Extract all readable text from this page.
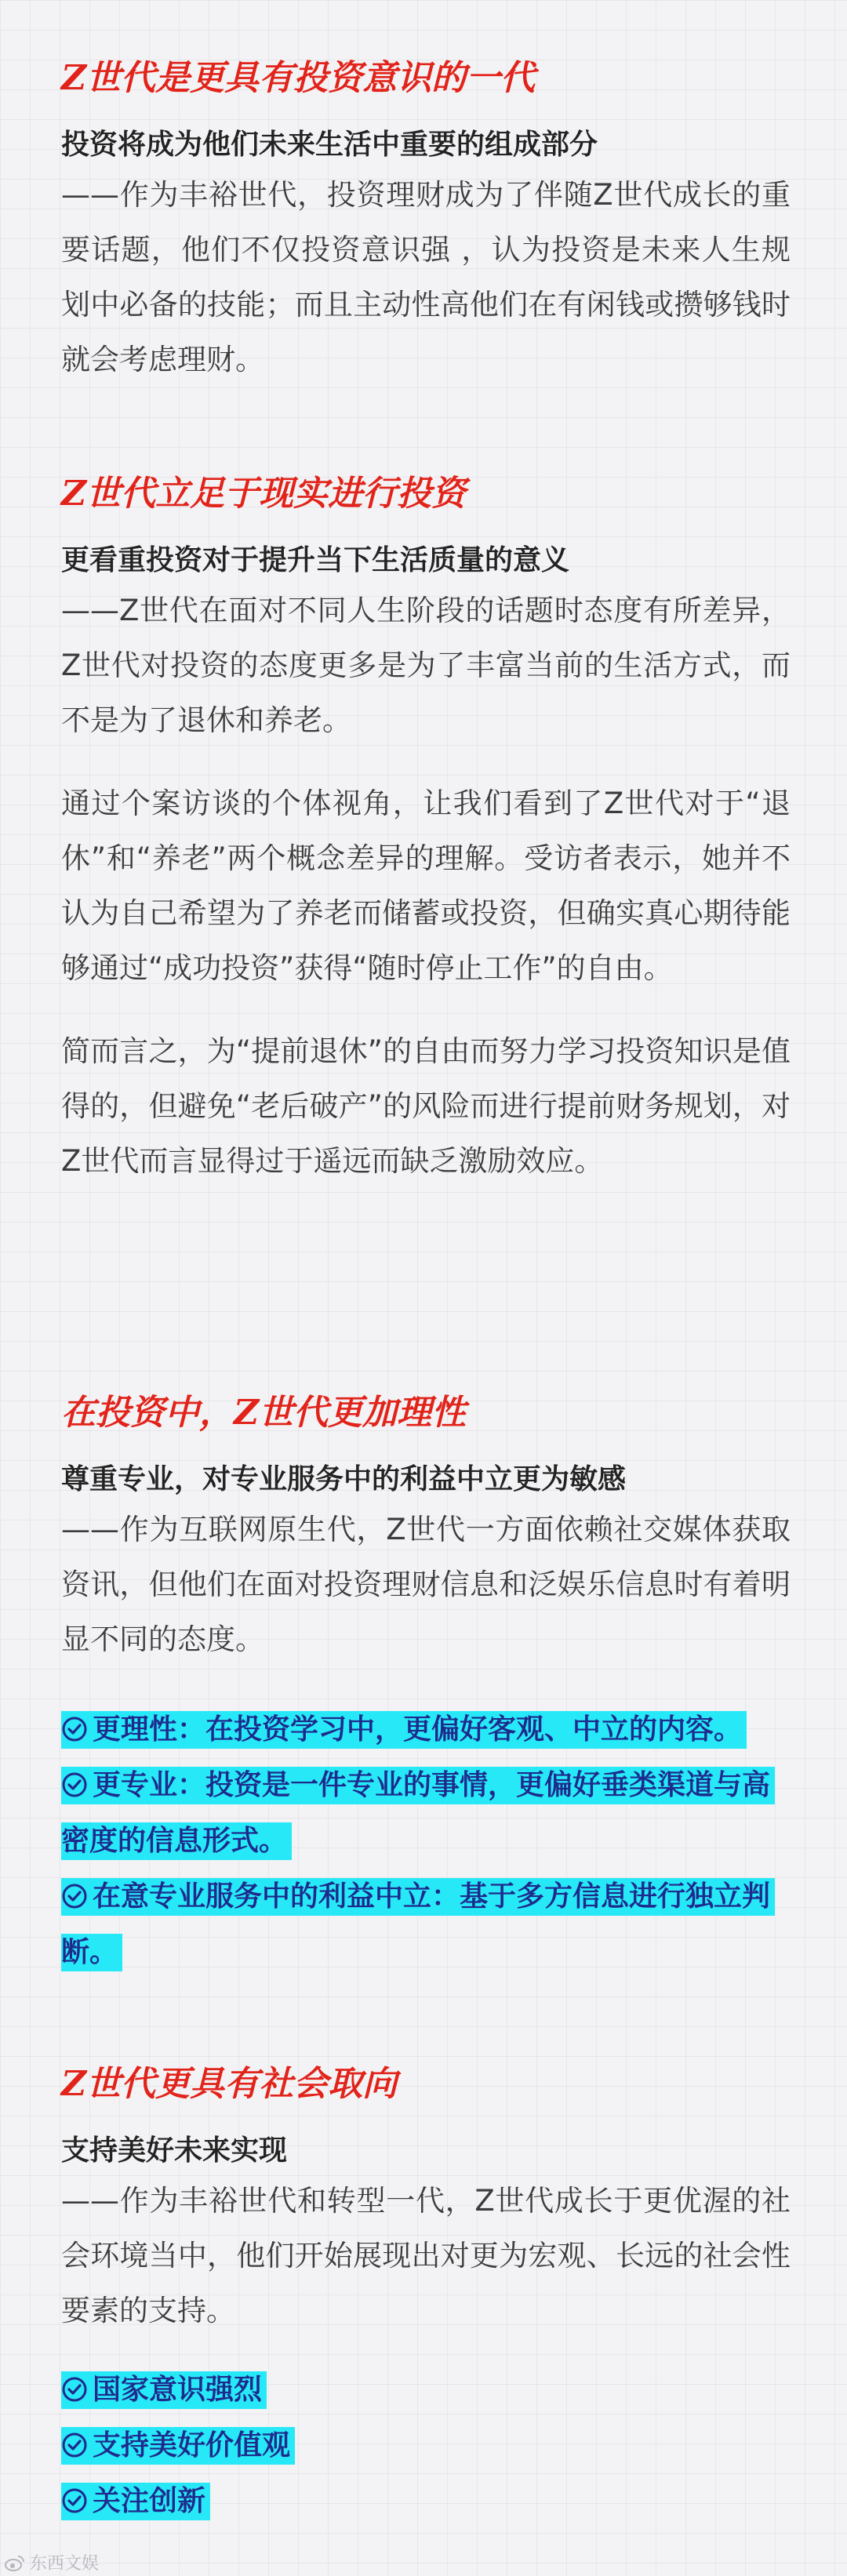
Z世代是更具有投资意识的一代

投资将成为他们未来生活中重要的组成部分

——作为丰裕世代，投资理财成为了伴随Z世代成长的重要话题，他们不仅投资意识强 ，认为投资是未来人生规划中必备的技能；而且主动性高他们在有闲钱或攒够钱时就会考虑理财。

Z世代立足于现实进行投资

更看重投资对于提升当下生活质量的意义

——Z世代在面对不同人生阶段的话题时态度有所差异，Z世代对投资的态度更多是为了丰富当前的生活方式，而不是为了退休和养老。

通过个案访谈的个体视角，让我们看到了Z世代对于“退休”和“养老”两个概念差异的理解。受访者表示，她并不认为自己希望为了养老而储蓄或投资，但确实真心期待能够通过“成功投资”获得“随时停止工作”的自由。

简而言之，为“提前退休”的自由而努力学习投资知识是值得的，但避免“老后破产”的风险而进行提前财务规划，对Z世代而言显得过于遥远而缺乏激励效应。

在投资中，Z世代更加理性

尊重专业，对专业服务中的利益中立更为敏感

——作为互联网原生代，Z世代一方面依赖社交媒体获取资讯，但他们在面对投资理财信息和泛娱乐信息时有着明显不同的态度。

更理性：在投资学习中，更偏好客观、中立的内容。

更专业：投资是一件专业的事情，更偏好垂类渠道与高密度的信息形式。

在意专业服务中的利益中立：基于多方信息进行独立判断。

Z世代更具有社会取向

支持美好未来实现

——作为丰裕世代和转型一代，Z世代成长于更优渥的社会环境当中，他们开始展现出对更为宏观、长远的社会性要素的支持。

国家意识强烈

支持美好价值观

关注创新

东西文娱
